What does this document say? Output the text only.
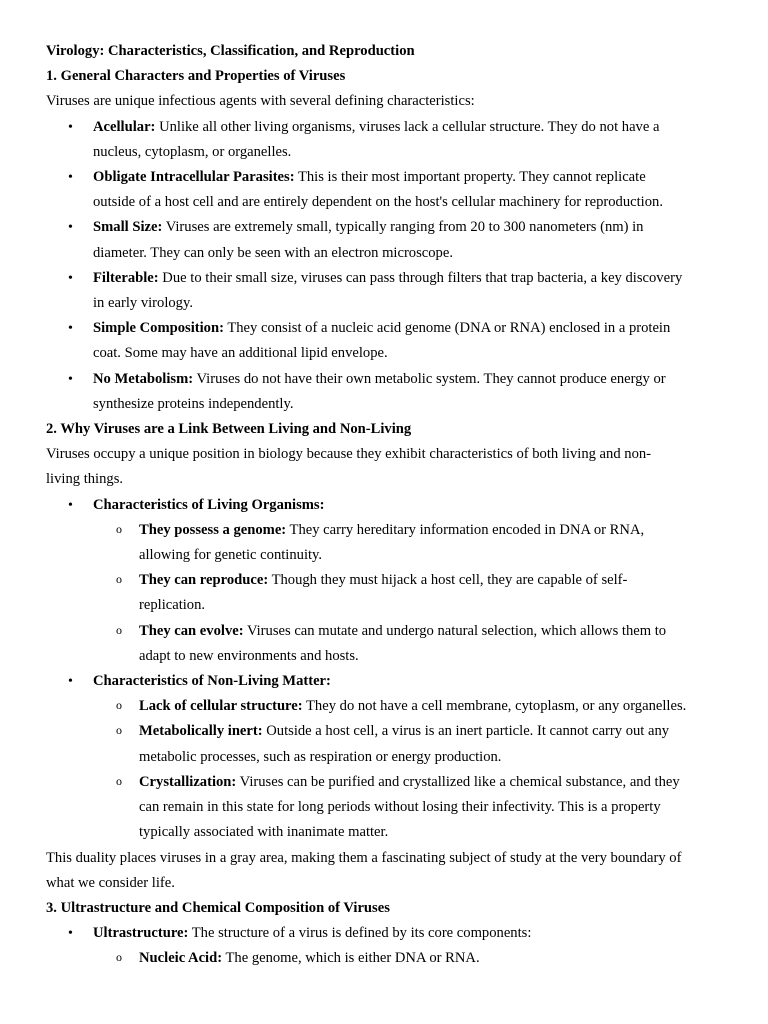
Virology: Characteristics, Classification, and Reproduction
1. General Characters and Properties of Viruses
Viruses are unique infectious agents with several defining characteristics:
• Acellular: Unlike all other living organisms, viruses lack a cellular structure. They do not have a
nucleus, cytoplasm, or organelles.
• Obligate Intracellular Parasites: This is their most important property. They cannot replicate
outside of a host cell and are entirely dependent on the host's cellular machinery for reproduction.
• Small Size: Viruses are extremely small, typically ranging from 20 to 300 nanometers (nm) in
diameter. They can only be seen with an electron microscope.
• Filterable: Due to their small size, viruses can pass through filters that trap bacteria, a key discovery
in early virology.
• Simple Composition: They consist of a nucleic acid genome (DNA or RNA) enclosed in a protein
coat. Some may have an additional lipid envelope.
• No Metabolism: Viruses do not have their own metabolic system. They cannot produce energy or
synthesize proteins independently.
2. Why Viruses are a Link Between Living and Non-Living
Viruses occupy a unique position in biology because they exhibit characteristics of both living and non-
living things.
• Characteristics of Living Organisms:
o They possess a genome: They carry hereditary information encoded in DNA or RNA,
allowing for genetic continuity.
o They can reproduce: Though they must hijack a host cell, they are capable of self-
replication.
o They can evolve: Viruses can mutate and undergo natural selection, which allows them to
adapt to new environments and hosts.
• Characteristics of Non-Living Matter:
o Lack of cellular structure: They do not have a cell membrane, cytoplasm, or any organelles.
o Metabolically inert: Outside a host cell, a virus is an inert particle. It cannot carry out any
metabolic processes, such as respiration or energy production.
o Crystallization: Viruses can be purified and crystallized like a chemical substance, and they
can remain in this state for long periods without losing their infectivity. This is a property
typically associated with inanimate matter.
This duality places viruses in a gray area, making them a fascinating subject of study at the very boundary of
what we consider life.
3. Ultrastructure and Chemical Composition of Viruses
• Ultrastructure: The structure of a virus is defined by its core components:
o Nucleic Acid: The genome, which is either DNA or RNA.
